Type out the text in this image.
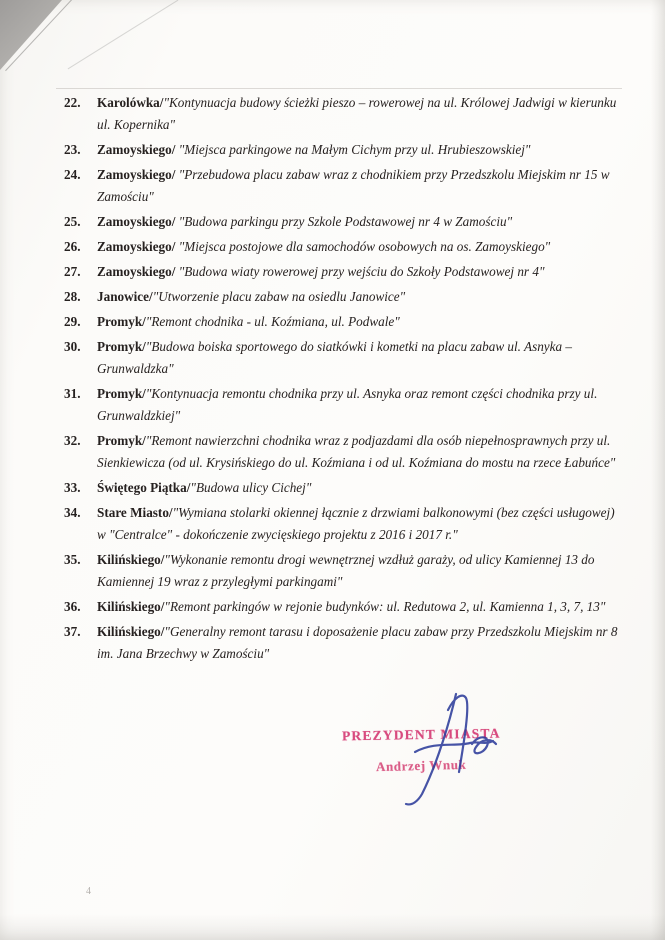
22.	Karolówka/"Kontynuacja budowy ścieżki pieszo – rowerowej na ul. Królowej Jadwigi w kierunku ul. Kopernika"
23.	Zamoyskiego/ "Miejsca parkingowe na Małym Cichym przy ul. Hrubieszowskiej"
24.	Zamoyskiego/ "Przebudowa placu zabaw wraz z chodnikiem przy Przedszkolu Miejskim nr 15 w Zamościu"
25.	Zamoyskiego/ "Budowa parkingu przy Szkole Podstawowej nr 4 w Zamościu"
26.	Zamoyskiego/ "Miejsca postojowe dla samochodów osobowych na os. Zamoyskiego"
27.	Zamoyskiego/ "Budowa wiaty rowerowej przy wejściu do Szkoły Podstawowej nr 4"
28.	Janowice/"Utworzenie placu zabaw na osiedlu Janowice"
29.	Promyk/"Remont chodnika - ul. Koźmiana, ul. Podwale"
30.	Promyk/"Budowa boiska sportowego do siatkówki i kometki na placu zabaw ul. Asnyka – Grunwaldzka"
31.	Promyk/"Kontynuacja remontu chodnika przy ul. Asnyka oraz remont części chodnika przy ul. Grunwaldzkiej"
32.	Promyk/"Remont nawierzchni chodnika wraz z podjazdami dla osób niepełnosprawnych przy ul. Sienkiewicza (od ul. Krysińskiego do ul. Koźmiana i od ul. Koźmiana do mostu na rzece Łabuńce"
33.	Świętego Piątka/"Budowa ulicy Cichej"
34.	Stare Miasto/"Wymiana stolarki okiennej łącznie z drzwiami balkonowymi (bez części usługowej) w "Centralce" - dokończenie zwycięskiego projektu z 2016 i 2017 r."
35.	Kilińskiego/"Wykonanie remontu drogi wewnętrznej wzdłuż garaży, od ulicy Kamiennej 13 do Kamiennej 19 wraz z przyległymi parkingami"
36.	Kilińskiego/"Remont parkingów w rejonie budynków: ul. Redutowa 2, ul. Kamienna 1, 3, 7, 13"
37.	Kilińskiego/"Generalny remont tarasu i doposażenie placu zabaw przy Przedszkolu Miejskim nr 8 im. Jana Brzechwy w Zamościu"
PREZYDENT MIASTA
Andrzej Wnuk
4
